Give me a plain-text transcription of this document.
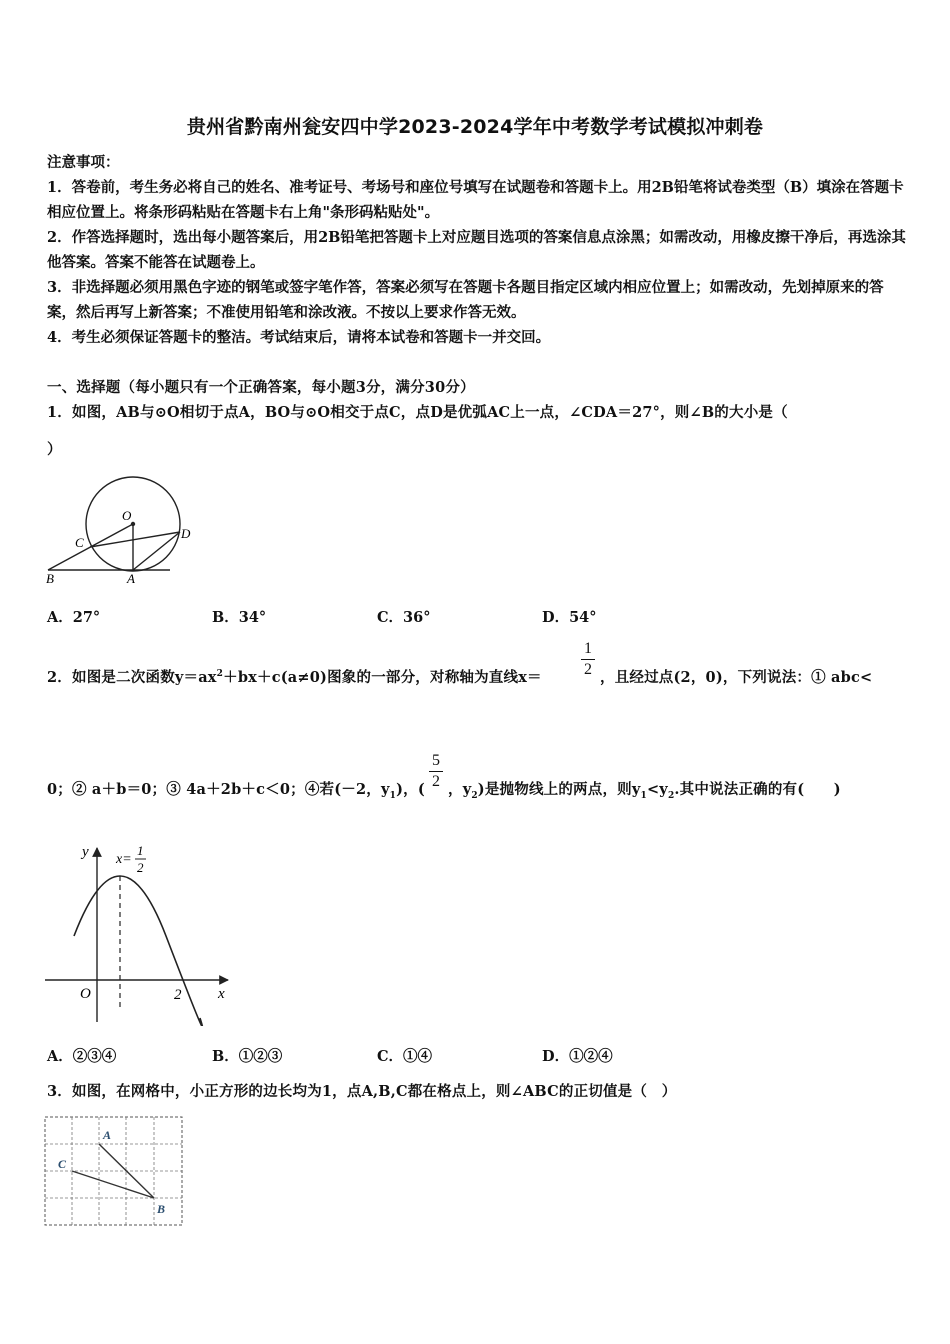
贵州省黔南州瓮安四中学2023-2024学年中考数学考试模拟冲刺卷

注意事项：

1．答卷前，考生务必将自己的姓名、准考证号、考场号和座位号填写在试题卷和答题卡上。用2B铅笔将试卷类型（B）填涂在答题卡相应位置上。将条形码粘贴在答题卡右上角"条形码粘贴处"。

2．作答选择题时，选出每小题答案后，用2B铅笔把答题卡上对应题目选项的答案信息点涂黑；如需改动，用橡皮擦干净后，再选涂其他答案。答案不能答在试题卷上。

3．非选择题必须用黑色字迹的钢笔或签字笔作答，答案必须写在答题卡各题目指定区域内相应位置上；如需改动，先划掉原来的答案，然后再写上新答案；不准使用铅笔和涂改液。不按以上要求作答无效。

4．考生必须保证答题卡的整洁。考试结束后，请将本试卷和答题卡一并交回。

一、选择题（每小题只有一个正确答案，每小题3分，满分30分）
1．如图，AB与⊙O相切于点A，BO与⊙O相交于点C，点D是优弧AC上一点，∠CDA＝27°，则∠B的大小是（
）
O
C
D
B	A
A．27°	B．34°	C．36°	D．54°
2．如图是二次函数$y=ax^2+bx+c(a\ne 0)$图象的一部分，对称轴为直线x＝
1
2 ，且经过点(2，0)，下列说法：① abc<
0；② a＋b＝0；③ 4a＋2b＋c＜0；④若(－2，$y_1$)，(
5
2 ，$y_2$)是抛物线上的两点，则$y_1<y_2$.其中说法正确的有(　　)
y
x
O	2
x=
1
2
A．②③④	B．①②③	C．①④	D．①②④
3．如图，在网格中，小正方形的边长均为1，点A,B,C都在格点上，则∠ABC的正切值是（　）
A
C
B
